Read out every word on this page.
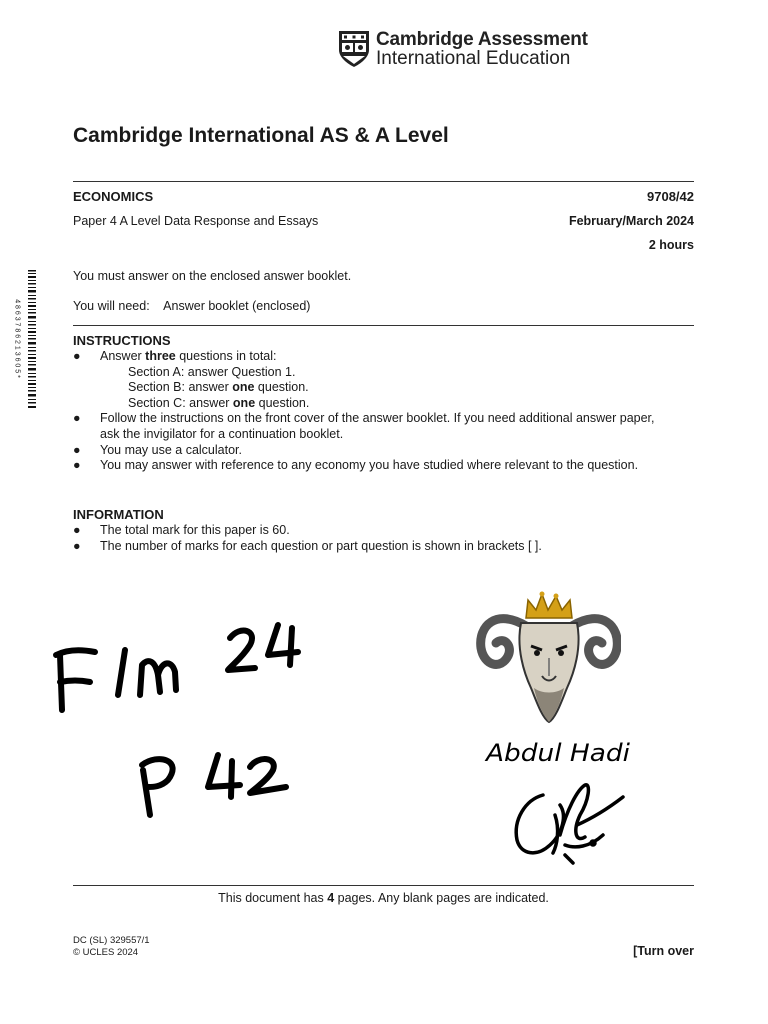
Cambridge Assessment
International Education
Cambridge International AS & A Level
ECONOMICS	9708/42
Paper 4 A Level Data Response and Essays	February/March 2024
2 hours
4 8 6 3 7 8 6 2 1 3 6 0 5 *
You must answer on the enclosed answer booklet.
You will need: Answer booklet (enclosed)
INSTRUCTIONS
● Answer three questions in total:
Section A: answer Question 1.
Section B: answer one question.
Section C: answer one question.
● Follow the instructions on the front cover of the answer booklet. If you need additional answer paper,
ask the invigilator for a continuation booklet.
● You may use a calculator.
● You may answer with reference to any economy you have studied where relevant to the question.
INFORMATION
● The total mark for this paper is 60.
● The number of marks for each question or part question is shown in brackets [ ].
Abdul Hadi
This document has 4 pages. Any blank pages are indicated.
DC (SL) 329557/1
© UCLES 2024	[Turn over
